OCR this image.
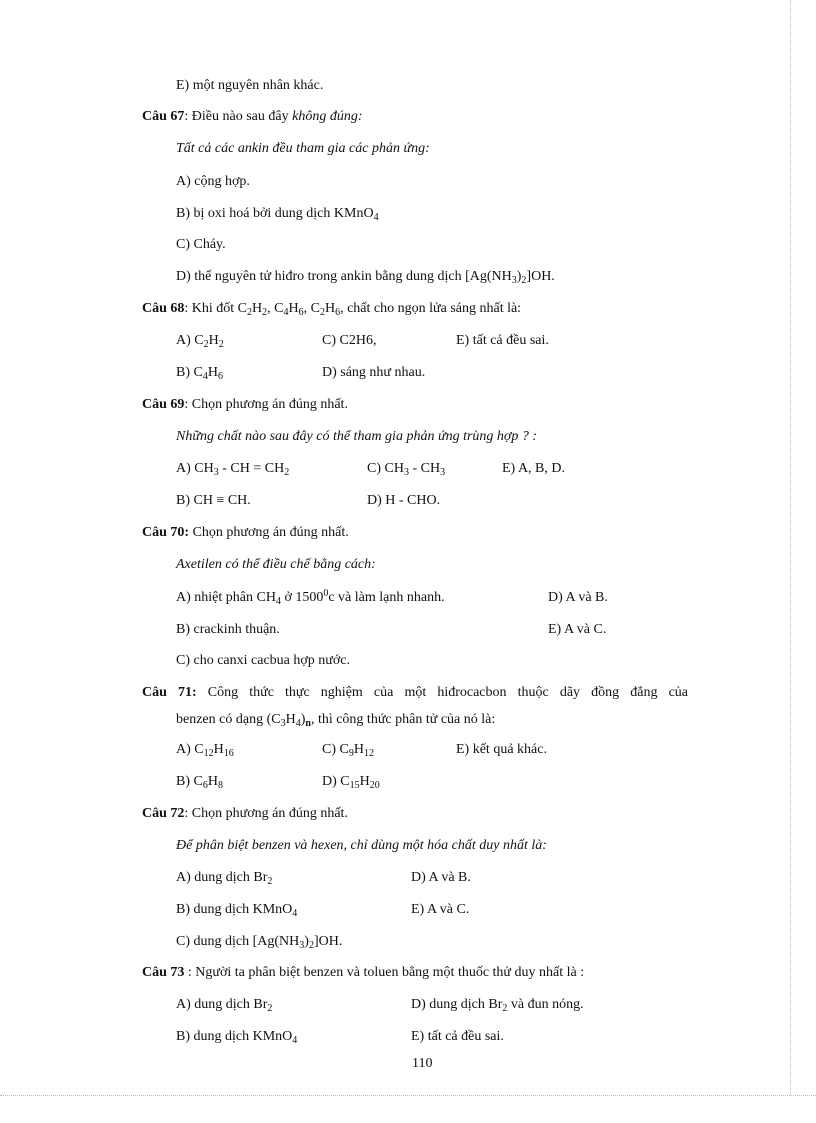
E) một nguyên nhân khác.
Câu 67: Điều nào sau đây không đúng:
Tất cả các ankin đều tham gia các phản ứng:
A) cộng hợp.
B) bị oxi hoá bởi dung dịch KMnO$_4$
C) Cháy.
D) thế nguyên tử hiđro trong ankin bằng dung dịch $[Ag(NH_3)_2]OH$.
Câu 68: Khi đốt $C_2H_2$, $C_4H_6$, $C_2H_6$, chất cho ngọn lửa sáng nhất là:
A) $C_2H_2$	C) C2H6,	E) tất cả đều sai.
B) $C_4H_6$	D) sáng như nhau.
Câu 69: Chọn phương án đúng nhất.
Những chất nào sau đây có thể tham gia phản ứng trùng hợp ? :
A) $CH_3$ - CH = $CH_2$	C) $CH_3 - CH_3$	E) A, B, D.
B) CH ≡ CH.	D) H - CHO.
Câu 70: Chọn phương án đúng nhất.
Axetilen có thể điều chế bằng cách:
A) nhiệt phân $CH_4$ ở 1500$^0$c và làm lạnh nhanh.	D) A và B.
B) crackinh thuận.	E) A và C.
C) cho canxi cacbua hợp nước.
Câu 71: Công thức thực nghiệm của một hiđrocacbon thuộc dãy đồng đẳng của
benzen có dạng $(C_3H_4)_n$, thì công thức phân tử của nó là:
A) $C_{12}H_{16}$	C) $C_9H_{12}$	E) kết quả khác.
B) $C_6H_8$	D) $C_{15}H_{20}$
Câu 72: Chọn phương án đúng nhất.
Để phân biệt benzen và hexen, chỉ dùng một hóa chất duy nhất là:
A) dung dịch $Br_2$	D) A và B.
B) dung dịch KMnO$_4$	E) A và C.
C) dung dịch $[Ag(NH_3)_2]OH$.
Câu 73 : Người ta phân biệt benzen và toluen bằng một thuốc thử duy nhất là :
A) dung dịch $Br_2$	D) dung dịch $Br_2$ và đun nóng.
B) dung dịch KMnO$_4$	E) tất cả đều sai.
110
